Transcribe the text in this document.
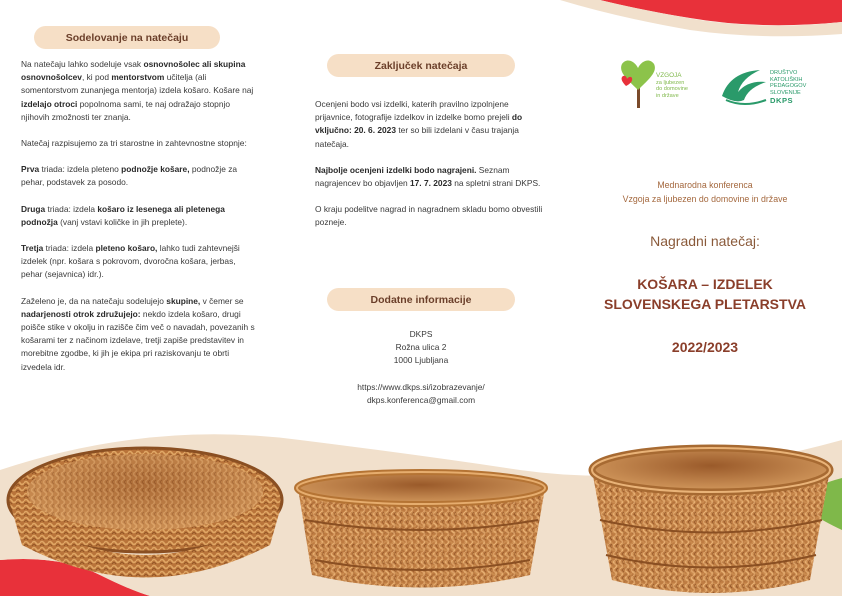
Sodelovanje na natečaju

Na natečaju lahko sodeluje vsak osnovnošolec ali skupina osnovnošolcev, ki pod mentorstvom učitelja (ali somentorstvom zunanjega mentorja) izdela košaro. Košare naj izdelajo otroci popolnoma sami, te naj odražajo stopnjo njihovih zmožnosti ter znanja.

Natečaj razpisujemo za tri starostne in zahtevnostne stopnje:

Prva triada: izdela pleteno podnožje košare, podnožje za pehar, podstavek za posodo.

Druga triada: izdela košaro iz lesenega ali pletenega podnožja (vanj vstavi količke in jih preplete).

Tretja triada: izdela pleteno košaro, lahko tudi zahtevnejši izdelek (npr. košara s pokrovom, dvoročna košara, jerbas, pehar (sejavnica) idr.).

Zaželeno je, da na natečaju sodelujejo skupine, v čemer se nadarjenosti otrok združujejo: nekdo izdela košaro, drugi poišče stike v okolju in razišče čim več o navadah, povezanih s košarami ter z načinom izdelave, tretji zapiše predstavitev in morebitne zgodbe, ki jih je ekipa pri raziskovanju te obrti izvedela idr.

Zaključek natečaja

Ocenjeni bodo vsi izdelki, katerih pravilno izpolnjene prijavnice, fotografije izdelkov in izdelke bomo prejeli do vključno: 20. 6. 2023 ter so bili izdelani v času trajanja natečaja.

Najbolje ocenjeni izdelki bodo nagrajeni. Seznam nagrajencev bo objavljen 17. 7. 2023 na spletni strani DKPS.

O kraju podelitve nagrad in nagradnem skladu bomo obvestili pozneje.

Dodatne informacije
DKPS
Rožna ulica 2
1000 Ljubljana
https://www.dkps.si/izobrazevanje/
dkps.konferenca@gmail.com
VZGOJA
za ljubezen
do domovine
in države
DRUŠTVO
KATOLIŠKIH
PEDAGOGOV
SLOVENIJE
DKPS
Mednarodna konferenca
Vzgoja za ljubezen do domovine in države
Nagradni natečaj:
KOŠARA – IZDELEK
SLOVENSKEGA PLETARSTVA
2022/2023
